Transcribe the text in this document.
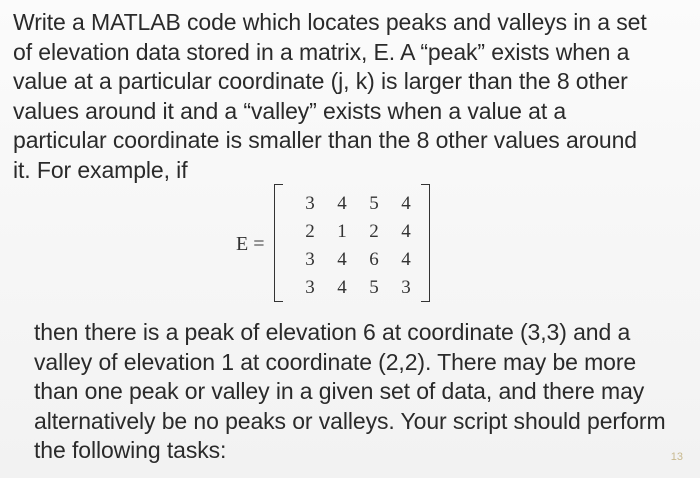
Write a MATLAB code which locates peaks and valleys in a set
of elevation data stored in a matrix, E. A “peak” exists when a
value at a particular coordinate (j, k) is larger than the 8 other
values around it and a “valley” exists when a value at a
particular coordinate is smaller than the 8 other values around
it. For example, if

E =
3	4	5	4
2	1	2	4
3	4	6	4
3	4	5	3

then there is a peak of elevation 6 at coordinate (3,3) and a
valley of elevation 1 at coordinate (2,2). There may be more
than one peak or valley in a given set of data, and there may
alternatively be no peaks or valleys. Your script should perform
the following tasks:	13
